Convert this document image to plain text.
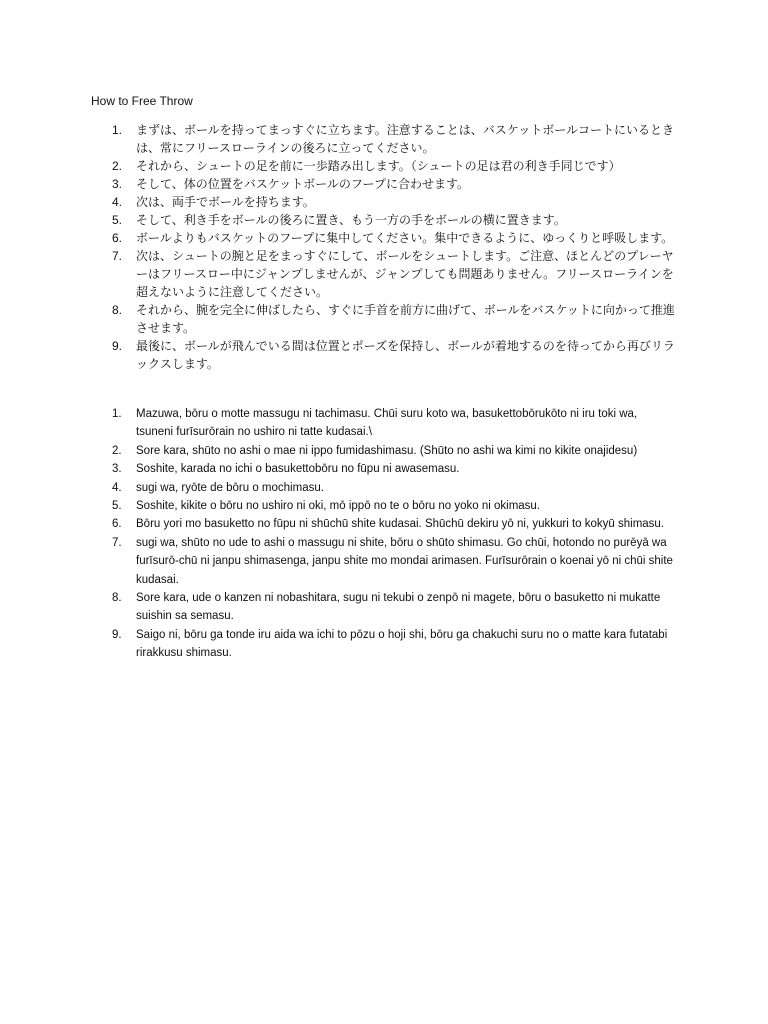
How to Free Throw
1.	まずは、ボールを持ってまっすぐに立ちます。注意することは、バスケットボールコートにいるときは、常にフリースローラインの後ろに立ってください。
2.	それから、シュートの足を前に一歩踏み出します。（シュートの足は君の利き手同じです）
3.	そして、体の位置をバスケットボールのフープに合わせます。
4.	次は、両手でボールを持ちます。
5.	そして、利き手をボールの後ろに置き、もう一方の手をボールの横に置きます。
6.	ボールよりもバスケットのフープに集中してください。集中できるように、ゆっくりと呼吸します。
7.	次は、シュートの腕と足をまっすぐにして、ボールをシュートします。ご注意、ほとんどのプレーヤーはフリースロー中にジャンプしませんが、ジャンプしても問題ありません。フリースローラインを超えないように注意してください。
8.	それから、腕を完全に伸ばしたら、すぐに手首を前方に曲げて、ボールをバスケットに向かって推進させます。
9.	最後に、ボールが飛んでいる間は位置とポーズを保持し、ボールが着地するのを待ってから再びリラックスします。
1.	Mazuwa, bōru o motte massugu ni tachimasu. Chūi suru koto wa, basukettobōrukōto ni iru toki wa, tsuneni furīsurōrain no ushiro ni tatte kudasai.\
2.	Sore kara, shūto no ashi o mae ni ippo fumidashimasu. (Shūto no ashi wa kimi no kikite onajidesu)
3.	Soshite, karada no ichi o basukettobōru no fūpu ni awasemasu.
4.	sugi wa, ryōte de bōru o mochimasu.
5.	Soshite, kikite o bōru no ushiro ni oki, mō ippō no te o bōru no yoko ni okimasu.
6.	Bōru yori mo basuketto no fūpu ni shūchū shite kudasai. Shūchū dekiru yō ni, yukkuri to kokyū shimasu.
7.	sugi wa, shūto no ude to ashi o massugu ni shite, bōru o shūto shimasu. Go chūi, hotondo no purēyā wa furīsurō-chū ni janpu shimasenga, janpu shite mo mondai arimasen. Furīsurōrain o koenai yō ni chūi shite kudasai.
8.	Sore kara, ude o kanzen ni nobashitara, sugu ni tekubi o zenpō ni magete, bōru o basuketto ni mukatte suishin sa semasu.
9.	Saigo ni, bōru ga tonde iru aida wa ichi to pōzu o hoji shi, bōru ga chakuchi suru no o matte kara futatabi rirakkusu shimasu.
